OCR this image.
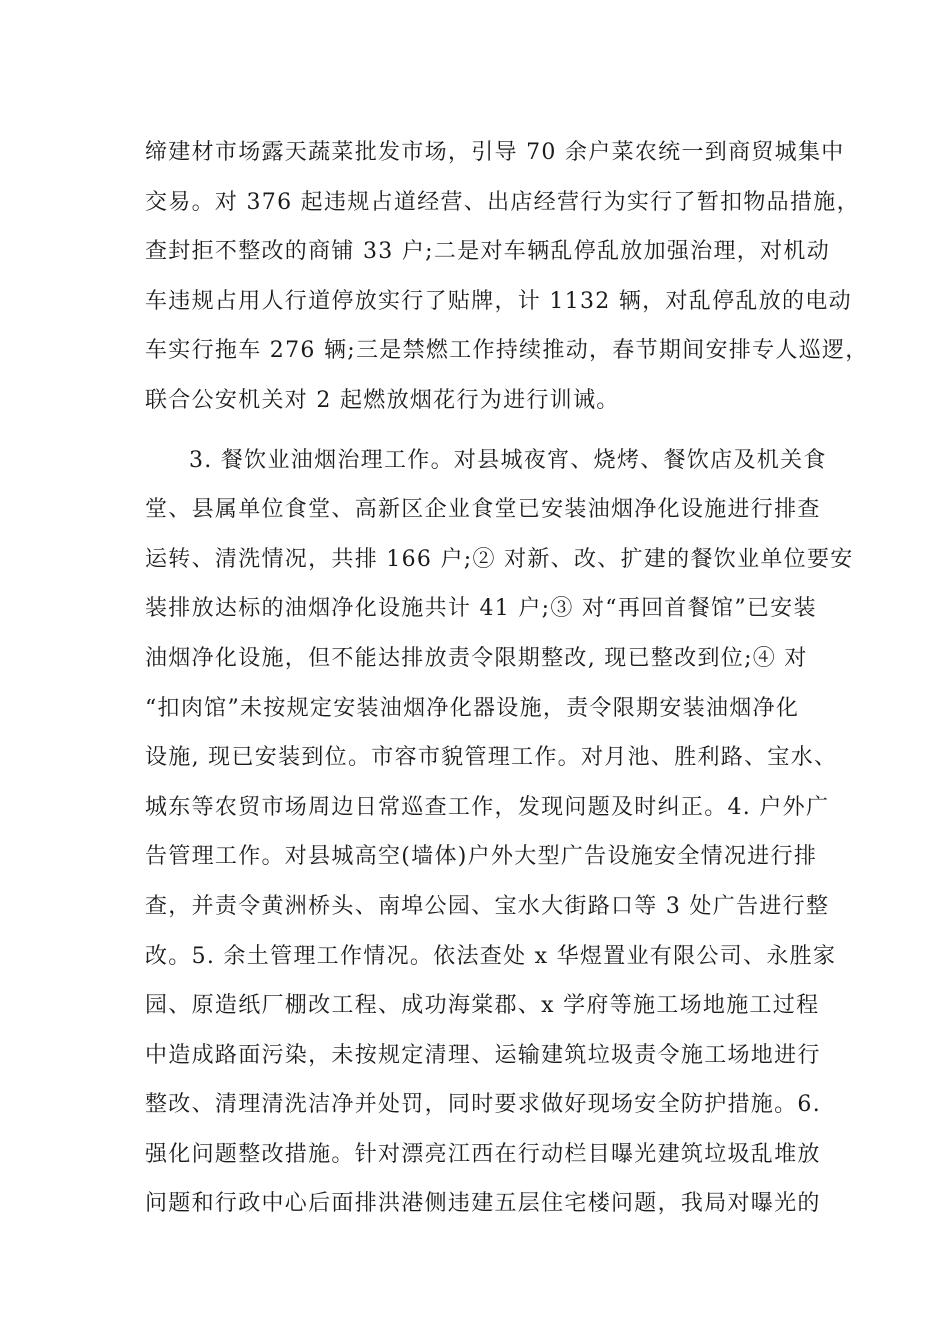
缔建材市场露天蔬菜批发市场，引导 70 余户菜农统一到商贸城集中
交易。对 376 起违规占道经营、出店经营行为实行了暂扣物品措施，
查封拒不整改的商铺 33 户;二是对车辆乱停乱放加强治理，对机动
车违规占用人行道停放实行了贴牌，计 1132 辆，对乱停乱放的电动
车实行拖车 276 辆;三是禁燃工作持续推动，春节期间安排专人巡逻，
联合公安机关对 2 起燃放烟花行为进行训诫。
3. 餐饮业油烟治理工作。对县城夜宵、烧烤、餐饮店及机关食
堂、县属单位食堂、高新区企业食堂已安装油烟净化设施进行排查
运转、清洗情况，共排 166 户;② 对新、改、扩建的餐饮业单位要安
装排放达标的油烟净化设施共计 41 户;③ 对“再回首餐馆”已安装
油烟净化设施，但不能达排放责令限期整改, 现已整改到位;④ 对
“扣肉馆”未按规定安装油烟净化器设施，责令限期安装油烟净化
设施, 现已安装到位。市容市貌管理工作。对月池、胜利路、宝水、
城东等农贸市场周边日常巡查工作，发现问题及时纠正。4. 户外广
告管理工作。对县城高空(墙体)户外大型广告设施安全情况进行排
查，并责令黄洲桥头、南埠公园、宝水大街路口等 3 处广告进行整
改。5. 余土管理工作情况。依法查处 x 华煜置业有限公司、永胜家
园、原造纸厂棚改工程、成功海棠郡、x 学府等施工场地施工过程
中造成路面污染，未按规定清理、运输建筑垃圾责令施工场地进行
整改、清理清洗洁净并处罚，同时要求做好现场安全防护措施。6.
强化问题整改措施。针对漂亮江西在行动栏目曝光建筑垃圾乱堆放
问题和行政中心后面排洪港侧违建五层住宅楼问题，我局对曝光的
